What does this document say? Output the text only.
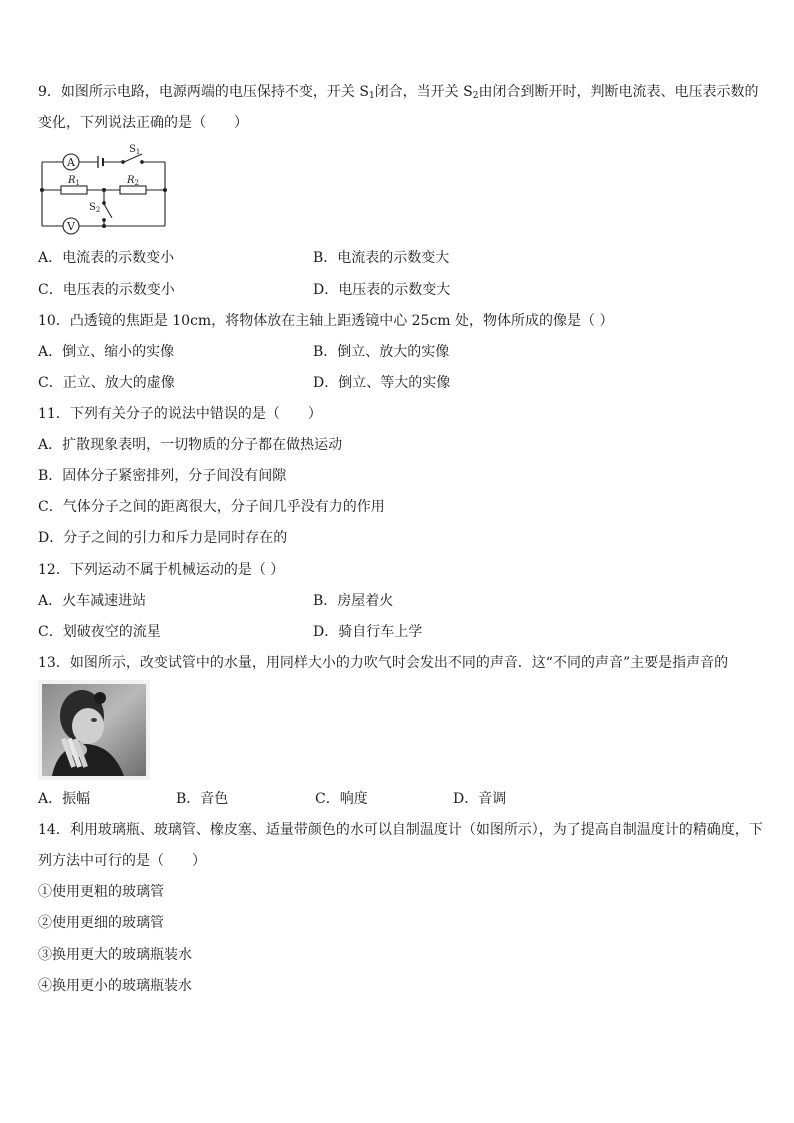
9．如图所示电路，电源两端的电压保持不变，开关 $S_1$闭合，当开关 $S_2$由闭合到断开时，判断电流表、电压表示数的
变化，下列说法正确的是（　　）
A
V
$S_1$
$S_2$
$R_1$	$R_2$
A．电流表的示数变小	B．电流表的示数变大
C．电压表的示数变小	D．电压表的示数变大
10．凸透镜的焦距是 10cm，将物体放在主轴上距透镜中心 25cm 处，物体所成的像是（ ）
A．倒立、缩小的实像	B．倒立、放大的实像
C．正立、放大的虚像	D．倒立、等大的实像
11．下列有关分子的说法中错误的是（　　）
A．扩散现象表明，一切物质的分子都在做热运动
B．固体分子紧密排列，分子间没有间隙
C．气体分子之间的距离很大，分子间几乎没有力的作用
D．分子之间的引力和斥力是同时存在的
12．下列运动不属于机械运动的是（ ）
A．火车减速进站	B．房屋着火
C．划破夜空的流星	D．骑自行车上学
13．如图所示，改变试管中的水量，用同样大小的力吹气时会发出不同的声音．这“不同的声音”主要是指声音的
A．振幅	B．音色	C．响度	D．音调
14．利用玻璃瓶、玻璃管、橡皮塞、适量带颜色的水可以自制温度计（如图所示），为了提高自制温度计的精确度，下
列方法中可行的是（　　）
①使用更粗的玻璃管
②使用更细的玻璃管
③换用更大的玻璃瓶装水
④换用更小的玻璃瓶装水
